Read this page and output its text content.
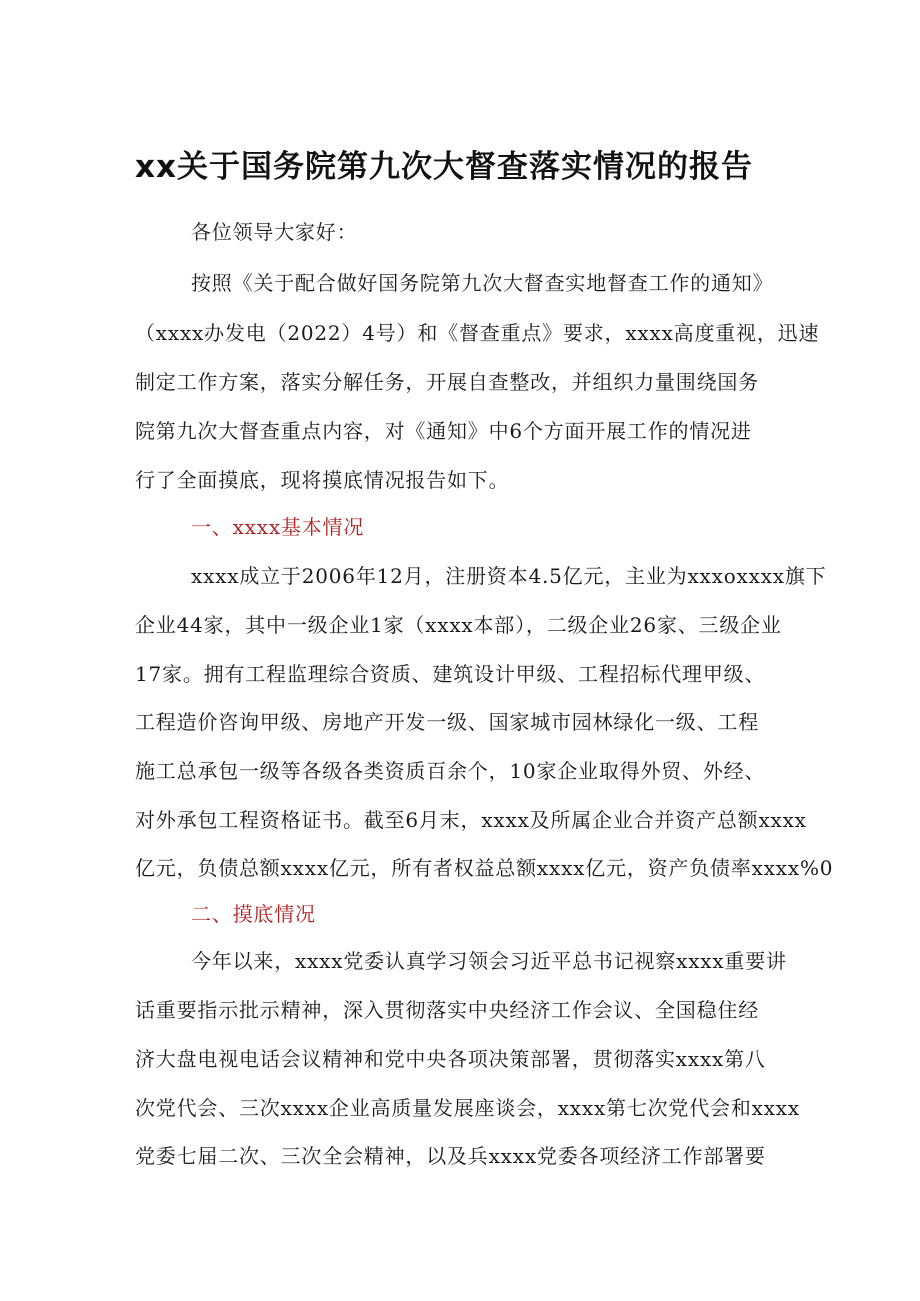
xx关于国务院第九次大督查落实情况的报告

各位领导大家好：

按照《关于配合做好国务院第九次大督查实地督查工作的通知》

（xxxx办发电（2022）4号）和《督查重点》要求，xxxx高度重视，迅速

制定工作方案，落实分解任务，开展自查整改，并组织力量围绕国务

院第九次大督查重点内容，对《通知》中6个方面开展工作的情况进

行了全面摸底，现将摸底情况报告如下。

一、xxxx基本情况

xxxx成立于2006年12月，注册资本4.5亿元，主业为xxxoxxxx旗下

企业44家，其中一级企业1家（xxxx本部），二级企业26家、三级企业

17家。拥有工程监理综合资质、建筑设计甲级、工程招标代理甲级、

工程造价咨询甲级、房地产开发一级、国家城市园林绿化一级、工程

施工总承包一级等各级各类资质百余个，10家企业取得外贸、外经、

对外承包工程资格证书。截至6月末，xxxx及所属企业合并资产总额xxxx

亿元，负债总额xxxx亿元，所有者权益总额xxxx亿元，资产负债率xxxx%0

二、摸底情况

今年以来，xxxx党委认真学习领会习近平总书记视察xxxx重要讲

话重要指示批示精神，深入贯彻落实中央经济工作会议、全国稳住经

济大盘电视电话会议精神和党中央各项决策部署，贯彻落实xxxx第八

次党代会、三次xxxx企业高质量发展座谈会，xxxx第七次党代会和xxxx

党委七届二次、三次全会精神，以及兵xxxx党委各项经济工作部署要
